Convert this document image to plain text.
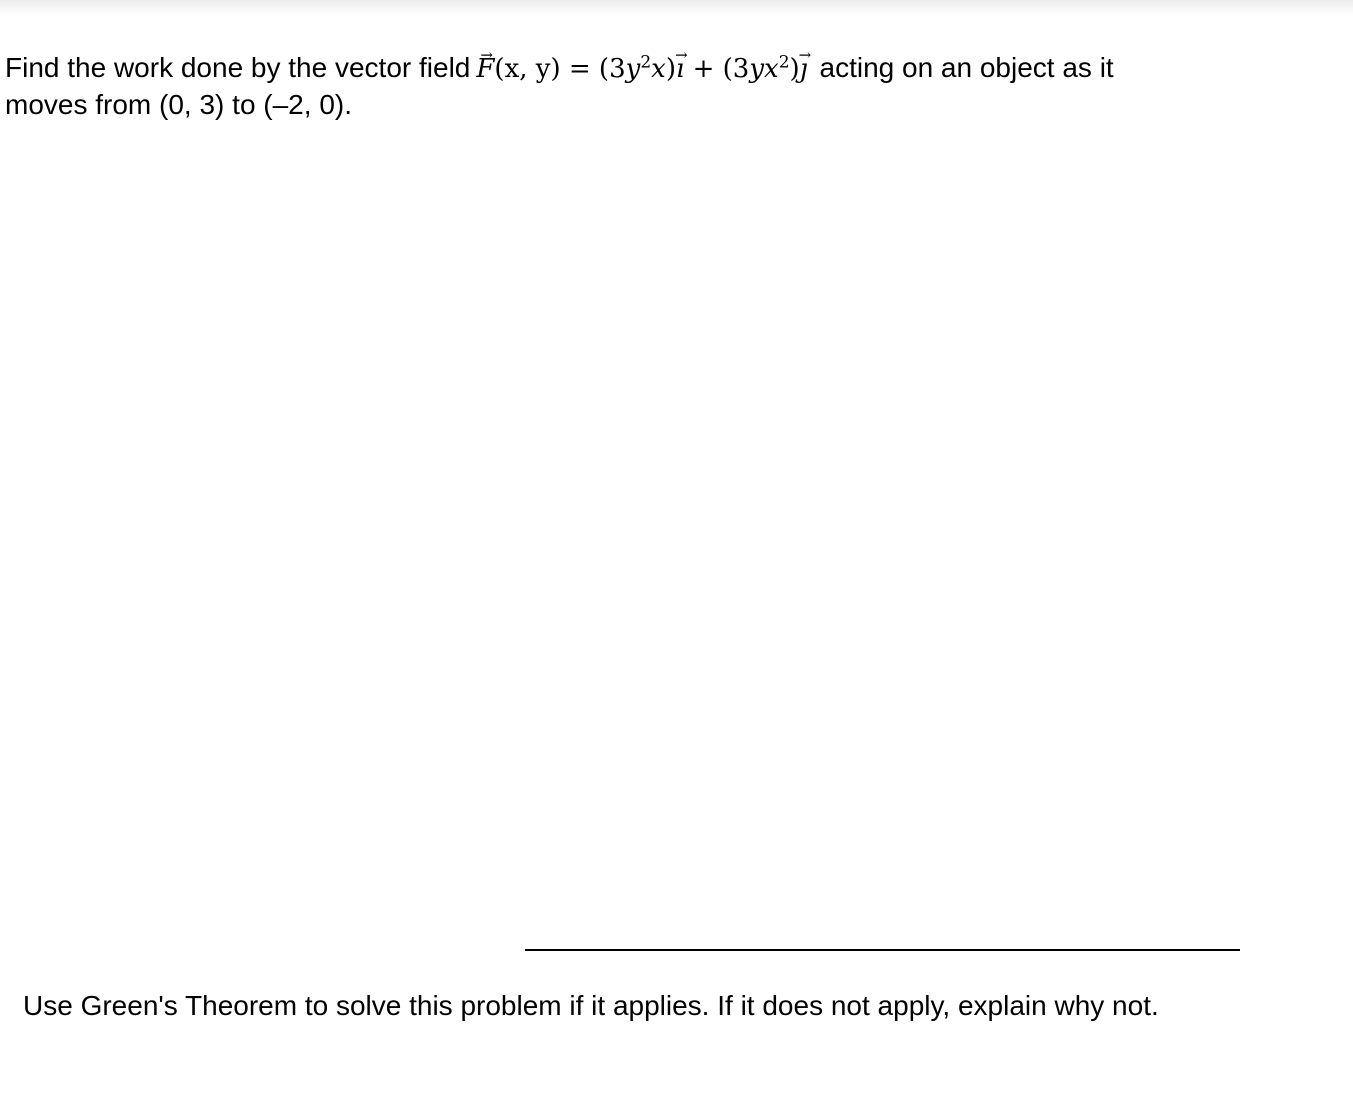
Find the work done by the vector field F →(x, $y) = (3y^2x)ı$ → + $(3yx^2)ȷ$ → acting on an object as it
moves from (0, 3) to (–2, 0).
Use Green's Theorem to solve this problem if it applies. If it does not apply, explain why not.
